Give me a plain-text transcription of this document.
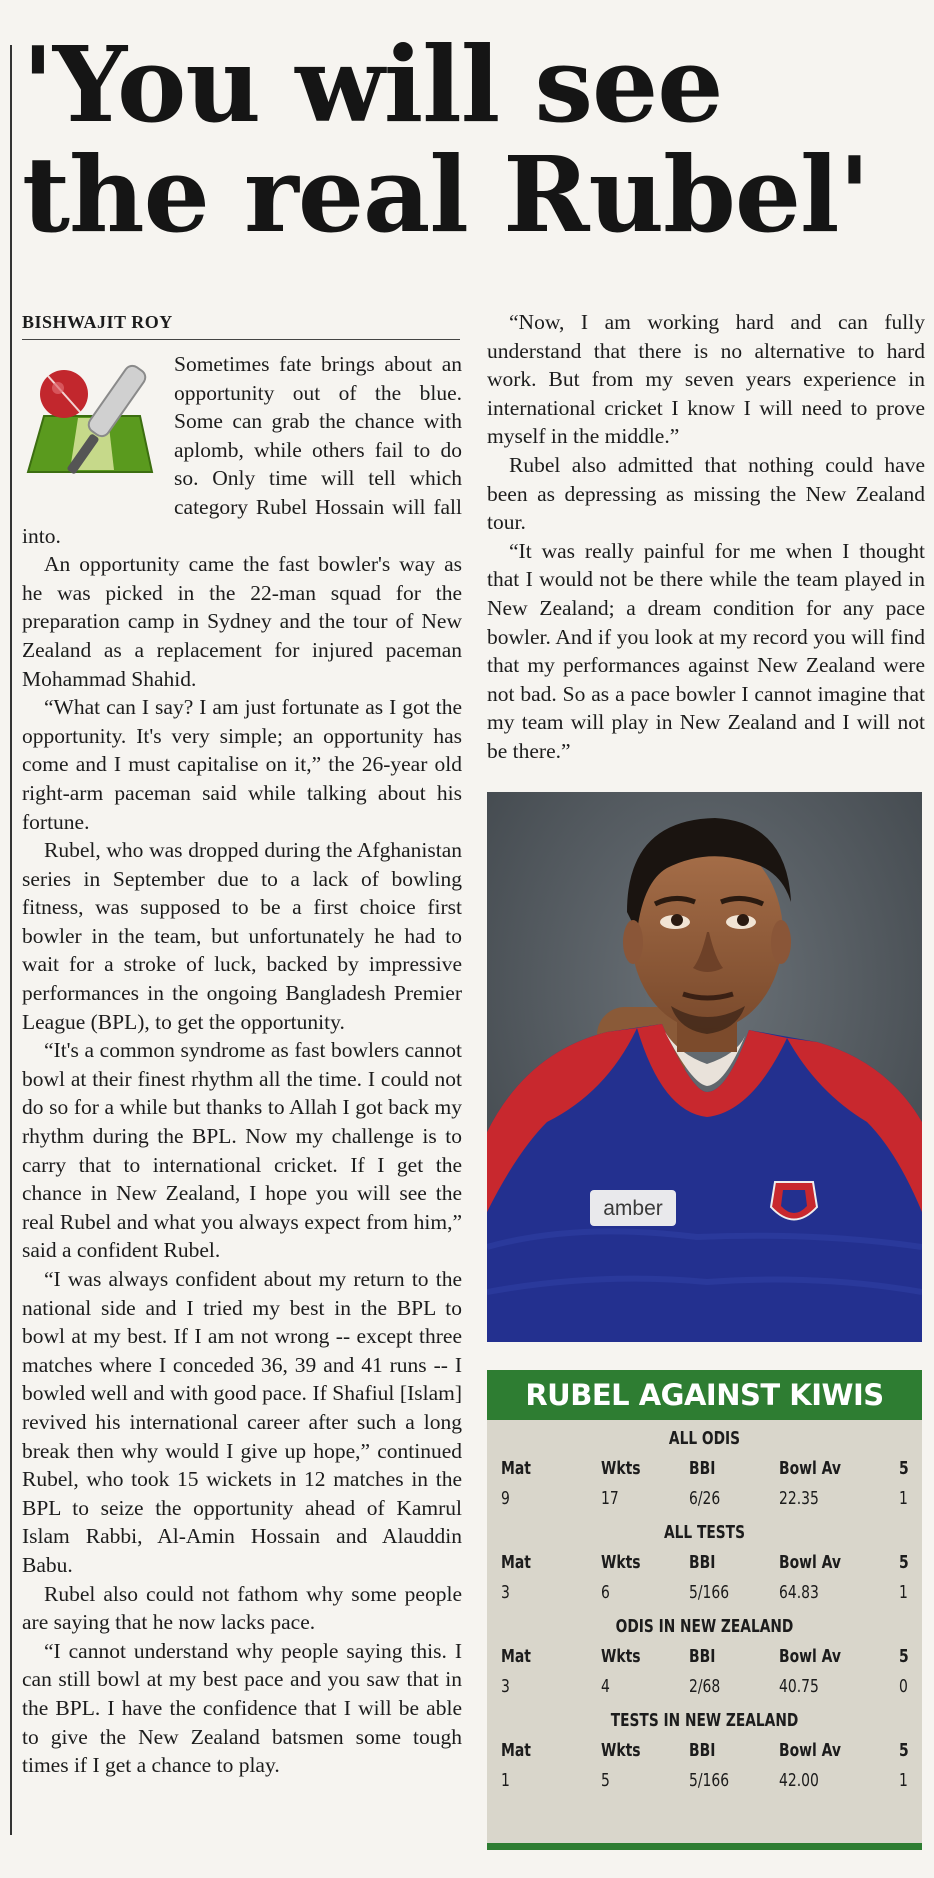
'You will see the real Rubel'
BISHWAJIT ROY

Sometimes fate brings about an opportunity out of the blue. Some can grab the chance with aplomb, while others fail to do so. Only time will tell which category Rubel Hossain will fall into.

An opportunity came the fast bowler's way as he was picked in the 22-man squad for the preparation camp in Sydney and the tour of New Zealand as a replacement for injured paceman Mohammad Shahid.

“What can I say? I am just fortunate as I got the opportunity. It's very simple; an opportunity has come and I must capitalise on it,” the 26-year old right-arm paceman said while talking about his fortune.

Rubel, who was dropped during the Afghanistan series in September due to a lack of bowling fitness, was supposed to be a first choice first bowler in the team, but unfortunately he had to wait for a stroke of luck, backed by impressive performances in the ongoing Bangladesh Premier League (BPL), to get the opportunity.

“It's a common syndrome as fast bowlers cannot bowl at their finest rhythm all the time. I could not do so for a while but thanks to Allah I got back my rhythm during the BPL. Now my challenge is to carry that to international cricket. If I get the chance in New Zealand, I hope you will see the real Rubel and what you always expect from him,” said a confident Rubel.

“I was always confident about my return to the national side and I tried my best in the BPL to bowl at my best. If I am not wrong -- except three matches where I conceded 36, 39 and 41 runs -- I bowled well and with good pace. If Shafiul [Islam] revived his international career after such a long break then why would I give up hope,” continued Rubel, who took 15 wickets in 12 matches in the BPL to seize the opportunity ahead of Kamrul Islam Rabbi, Al-Amin Hossain and Alauddin Babu.

Rubel also could not fathom why some people are saying that he now lacks pace.

“I cannot understand why people saying this. I can still bowl at my best pace and you saw that in the BPL. I have the confidence that I will be able to give the New Zealand batsmen some tough times if I get a chance to play.

“Now, I am working hard and can fully understand that there is no alternative to hard work. But from my seven years experience in international cricket I know I will need to prove myself in the middle.”

Rubel also admitted that nothing could have been as depressing as missing the New Zealand tour.

“It was really painful for me when I thought that I would not be there while the team played in New Zealand; a dream condition for any pace bowler. And if you look at my record you will find that my performances against New Zealand were not bad. So as a pace bowler I cannot imagine that my team will play in New Zealand and I will not be there.”

amber
RUBEL AGAINST KIWIS
ALL ODIS
Mat	Wkts	BBI	Bowl Av	5
9	17	6/26	22.35	1
ALL TESTS
Mat	Wkts	BBI	Bowl Av	5
3	6	5/166	64.83	1
ODIS IN NEW ZEALAND
Mat	Wkts	BBI	Bowl Av	5
3	4	2/68	40.75	0
TESTS IN NEW ZEALAND
Mat	Wkts	BBI	Bowl Av	5
1	5	5/166	42.00	1
